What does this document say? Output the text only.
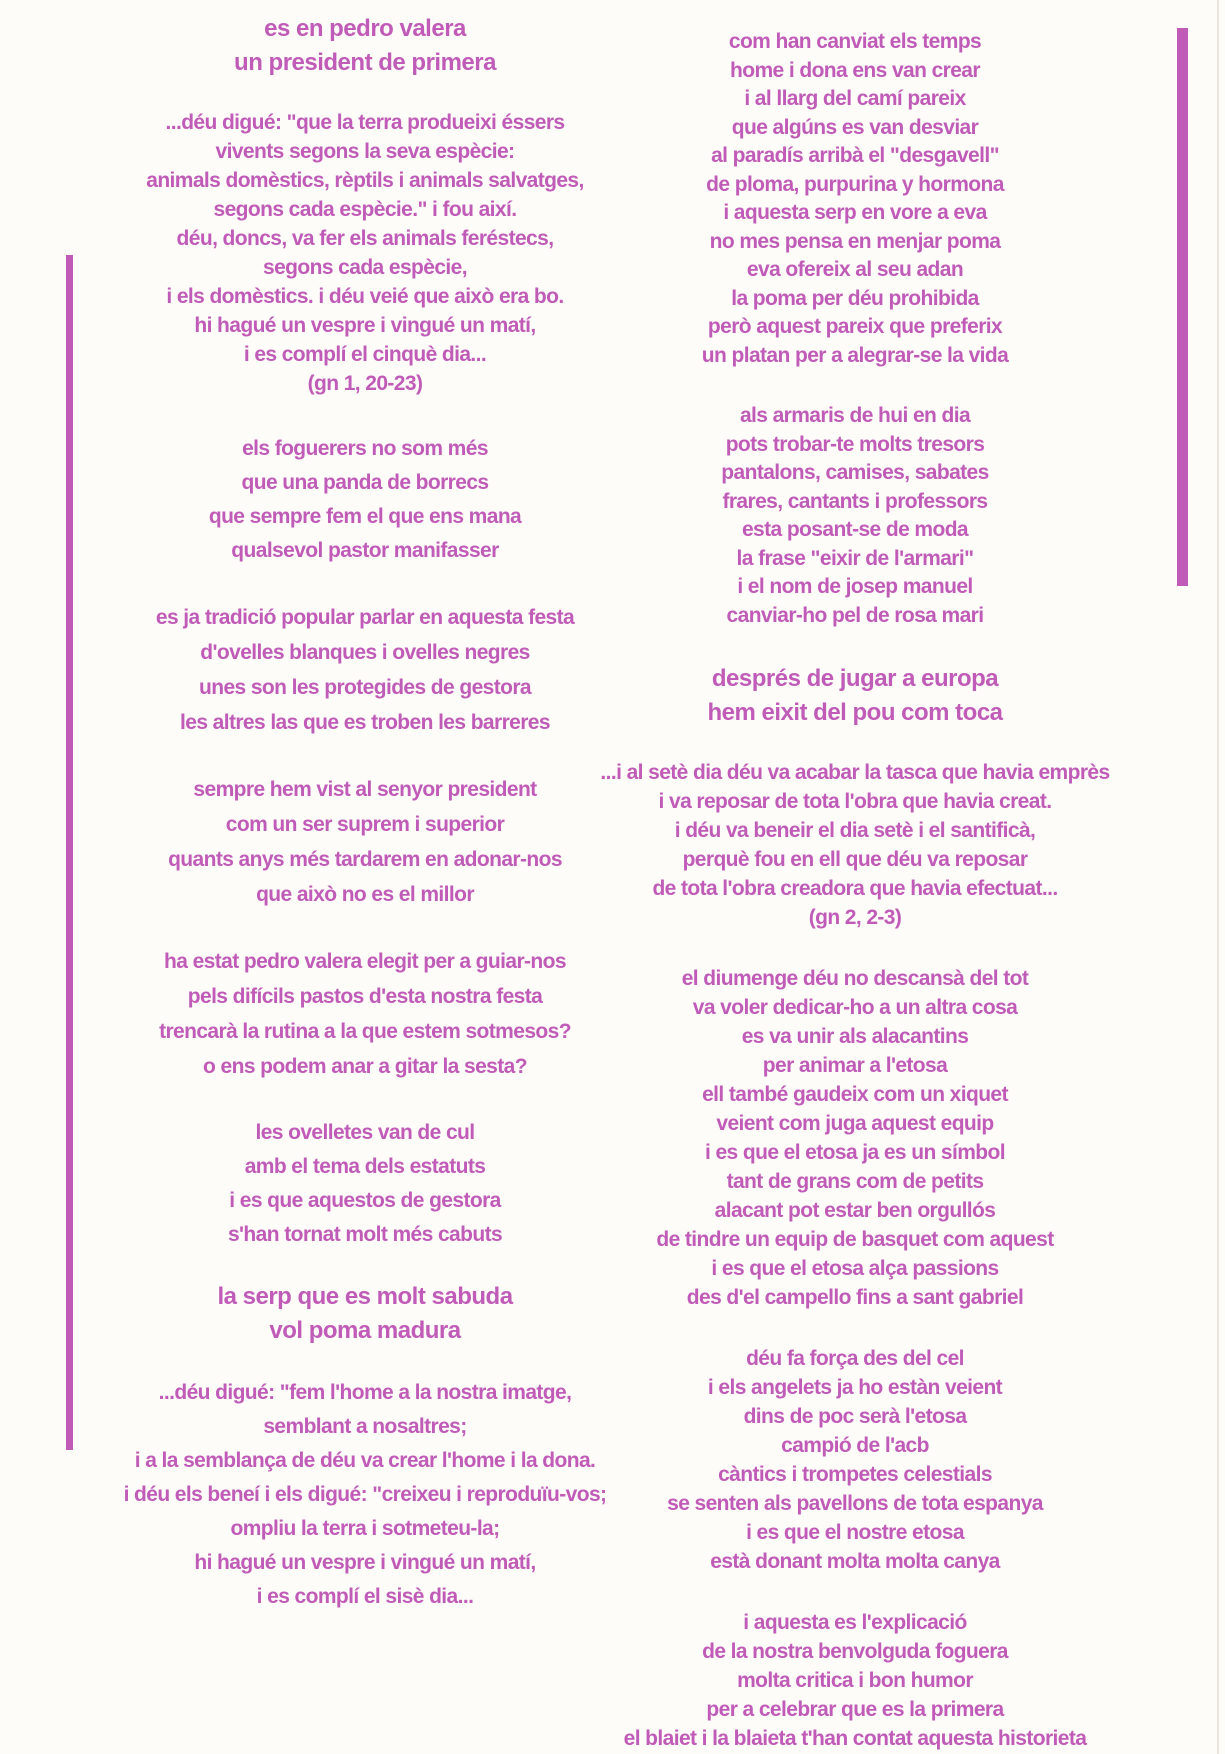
es en pedro valera

un president de primera

...déu digué: "que la terra produeixi éssers

vivents segons la seva espècie:

animals domèstics, rèptils i animals salvatges,

segons cada espècie." i fou així.

déu, doncs, va fer els animals feréstecs,

segons cada espècie,

i els domèstics. i déu veié que això era bo.

hi hagué un vespre i vingué un matí,

i es complí el cinquè dia...

(gn 1, 20-23)

els foguerers no som més

que una panda de borrecs

que sempre fem el que ens mana

qualsevol pastor manifasser

es ja tradició popular parlar en aquesta festa

d'ovelles blanques i ovelles negres

unes son les protegides de gestora

les altres las que es troben les barreres

sempre hem vist al senyor president

com un ser suprem i superior

quants anys més tardarem en adonar-nos

que això no es el millor

ha estat pedro valera elegit per a guiar-nos

pels difícils pastos d'esta nostra festa

trencarà la rutina a la que estem sotmesos?

o ens podem anar a gitar la sesta?

les ovelletes van de cul

amb el tema dels estatuts

i es que aquestos de gestora

s'han tornat molt més cabuts

la serp que es molt sabuda

vol poma madura

...déu digué: "fem l'home a la nostra imatge,

semblant a nosaltres;

i a la semblança de déu va crear l'home i la dona.

i déu els beneí i els digué: "creixeu i reproduïu-vos;

ompliu la terra i sotmeteu-la;

hi hagué un vespre i vingué un matí,

i es complí el sisè dia...

com han canviat els temps

home i dona ens van crear

i al llarg del camí pareix

que algúns es van desviar

al paradís arribà el "desgavell"

de ploma, purpurina y hormona

i aquesta serp en vore a eva

no mes pensa en menjar poma

eva ofereix al seu adan

la poma per déu prohibida

però aquest pareix que preferix

un platan per a alegrar-se la vida

als armaris de hui en dia

pots trobar-te molts tresors

pantalons, camises, sabates

frares, cantants i professors

esta posant-se de moda

la frase "eixir de l'armari"

i el nom de josep manuel

canviar-ho pel de rosa mari

després de jugar a europa

hem eixit del pou com toca

...i al setè dia déu va acabar la tasca que havia emprès

i va reposar de tota l'obra que havia creat.

i déu va beneir el dia setè i el santificà,

perquè fou en ell que déu va reposar

de tota l'obra creadora que havia efectuat...

(gn 2, 2-3)

el diumenge déu no descansà del tot

va voler dedicar-ho a un altra cosa

es va unir als alacantins

per animar a l'etosa

ell també gaudeix com un xiquet

veient com juga aquest equip

i es que el etosa ja es un símbol

tant de grans com de petits

alacant pot estar ben orgullós

de tindre un equip de basquet com aquest

i es que el etosa alça passions

des d'el campello fins a sant gabriel

déu fa força des del cel

i els angelets ja ho estàn veient

dins de poc serà l'etosa

campió de l'acb

càntics i trompetes celestials

se senten als pavellons de tota espanya

i es que el nostre etosa

està donant molta molta canya

i aquesta es l'explicació

de la nostra benvolguda foguera

molta critica i bon humor

per a celebrar que es la primera

el blaiet i la blaieta t'han contat aquesta historieta
